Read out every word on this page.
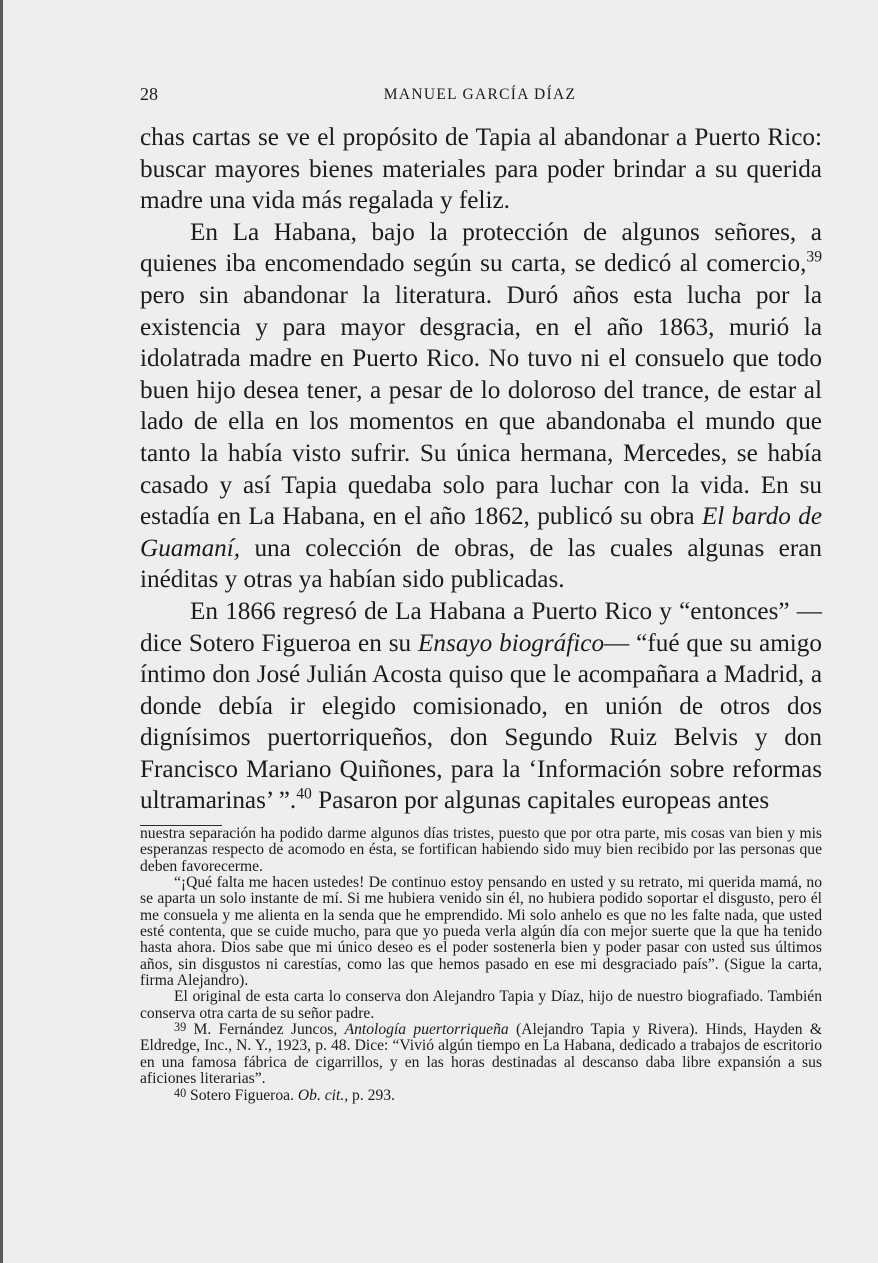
28	MANUEL GARCÍA DÍAZ

chas cartas se ve el propósito de Tapia al abandonar a Puerto Rico: buscar mayores bienes materiales para poder brindar a su querida madre una vida más regalada y feliz.

En La Habana, bajo la protección de algunos señores, a quienes iba encomendado según su carta, se dedicó al comercio,$^{39}$ pero sin abandonar la literatura. Duró años esta lucha por la existencia y para mayor desgracia, en el año 1863, murió la idolatrada madre en Puerto Rico. No tuvo ni el consuelo que todo buen hijo desea tener, a pesar de lo doloroso del trance, de estar al lado de ella en los momentos en que abandonaba el mundo que tanto la había visto sufrir. Su única hermana, Mercedes, se había casado y así Tapia quedaba solo para luchar con la vida. En su estadía en La Habana, en el año 1862, publicó su obra El bardo de Guamaní, una colección de obras, de las cuales algunas eran inéditas y otras ya habían sido publicadas.

En 1866 regresó de La Habana a Puerto Rico y “entonces” —dice Sotero Figueroa en su Ensayo biográfico— “fué que su amigo íntimo don José Julián Acosta quiso que le acompañara a Madrid, a donde debía ir elegido comisionado, en unión de otros dos dignísimos puertorriqueños, don Segundo Ruiz Belvis y don Francisco Mariano Quiñones, para la ‘Información sobre reformas ultramarinas’ ”.$^{40}$ Pasaron por algunas capitales europeas antes

nuestra separación ha podido darme algunos días tristes, puesto que por otra parte, mis cosas van bien y mis esperanzas respecto de acomodo en ésta, se fortifican habiendo sido muy bien recibido por las personas que deben favorecerme.

“¡Qué falta me hacen ustedes! De continuo estoy pensando en usted y su retrato, mi querida mamá, no se aparta un solo instante de mí. Si me hubiera venido sin él, no hubiera podido soportar el disgusto, pero él me consuela y me alienta en la senda que he emprendido. Mi solo anhelo es que no les falte nada, que usted esté contenta, que se cuide mucho, para que yo pueda verla algún día con mejor suerte que la que ha tenido hasta ahora. Dios sabe que mi único deseo es el poder sostenerla bien y poder pasar con usted sus últimos años, sin disgustos ni carestías, como las que hemos pasado en ese mi desgraciado país”. (Sigue la carta, firma Alejandro).

El original de esta carta lo conserva don Alejandro Tapia y Díaz, hijo de nuestro biografiado. También conserva otra carta de su señor padre.

39 M. Fernández Juncos, Antología puertorriqueña (Alejandro Tapia y Rivera). Hinds, Hayden & Eldredge, Inc., N. Y., 1923, p. 48. Dice: “Vivió algún tiempo en La Habana, dedicado a trabajos de escritorio en una famosa fábrica de cigarrillos, y en las horas destinadas al descanso daba libre expansión a sus aficiones literarias”.

40 Sotero Figueroa. Ob. cit., p. 293.
